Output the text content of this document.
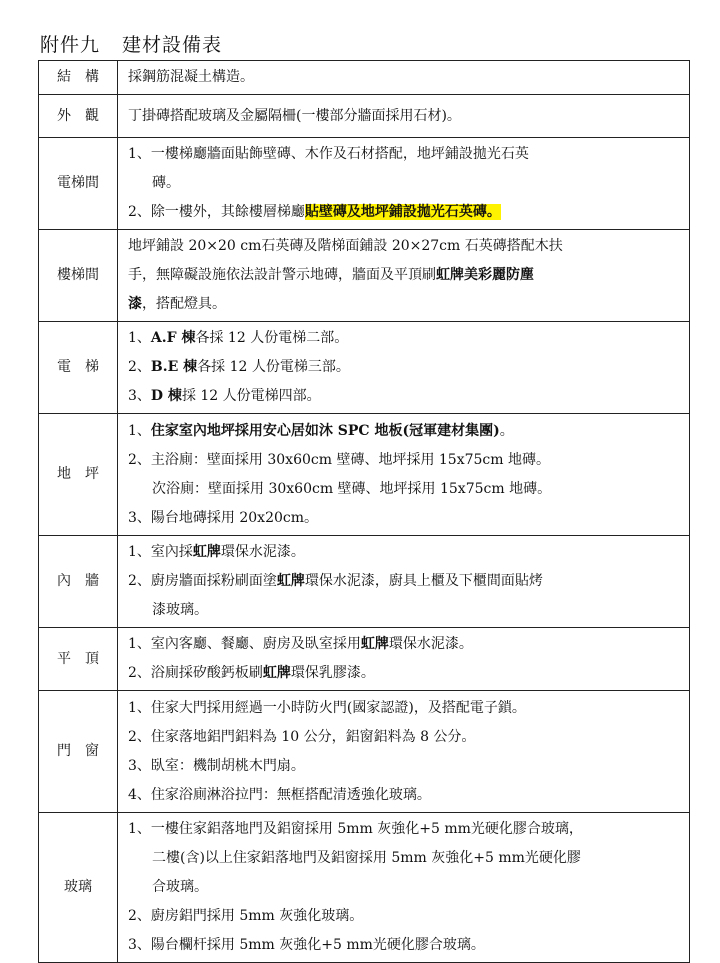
附件九 建材設備表
結　構	採鋼筋混凝土構造。

外　觀	丁掛磚搭配玻璃及金屬隔柵(一樓部分牆面採用石材)。

電梯間	1、一樓梯廳牆面貼飾壁磚、木作及石材搭配，地坪鋪設拋光石英
磚。
2、除一樓外，其餘樓層梯廳貼壁磚及地坪鋪設拋光石英磚。

樓梯間	地坪鋪設 20×20 cm石英磚及階梯面鋪設 20×27cm 石英磚搭配木扶
手，無障礙設施依法設計警示地磚，牆面及平頂刷虹牌美彩麗防塵
漆，搭配燈具。

電　梯	1、A.F 棟各採 12 人份電梯二部。
2、B.E 棟各採 12 人份電梯三部。
3、D 棟採 12 人份電梯四部。

地　坪	1、住家室內地坪採用安心居如沐 SPC 地板(冠軍建材集團)。
2、主浴廁：壁面採用 30x60cm 壁磚、地坪採用 15x75cm 地磚。
次浴廁：壁面採用 30x60cm 壁磚、地坪採用 15x75cm 地磚。
3、陽台地磚採用 20x20cm。

內　牆	1、室內採虹牌環保水泥漆。
2、廚房牆面採粉刷面塗虹牌環保水泥漆，廚具上櫃及下櫃間面貼烤
漆玻璃。

平　頂	1、室內客廳、餐廳、廚房及臥室採用虹牌環保水泥漆。
2、浴廁採矽酸鈣板刷虹牌環保乳膠漆。

門　窗	1、住家大門採用經過一小時防火門(國家認證)，及搭配電子鎖。
2、住家落地鋁門鋁料為 10 公分，鋁窗鋁料為 8 公分。
3、臥室：機制胡桃木門扇。
4、住家浴廁淋浴拉門：無框搭配清透強化玻璃。

玻璃	1、一樓住家鋁落地門及鋁窗採用 5mm 灰強化+5 mm光硬化膠合玻璃，
二樓(含)以上住家鋁落地門及鋁窗採用 5mm 灰強化+5 mm光硬化膠
合玻璃。
2、廚房鋁門採用 5mm 灰強化玻璃。
3、陽台欄杆採用 5mm 灰強化+5 mm光硬化膠合玻璃。
